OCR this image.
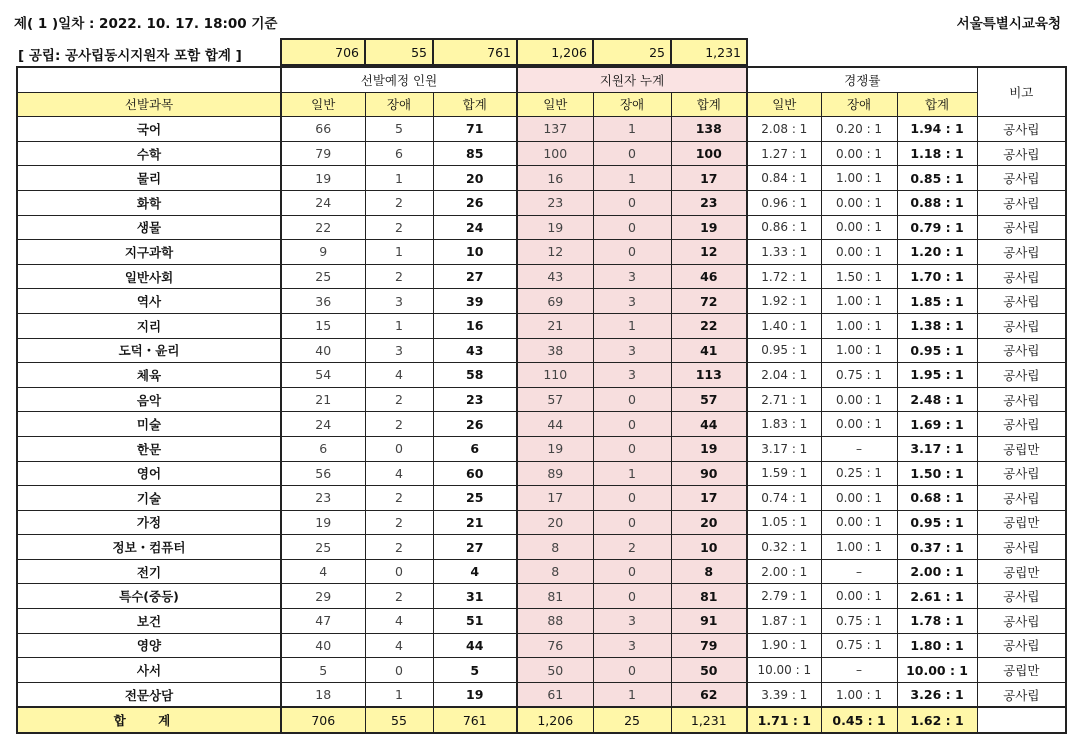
제( 1 )일차 : 2022. 10. 17. 18:00 기준	서울특별시교육청
[ 공립: 공사립동시지원자 포함 합계 ]	706	55	761	1,206	25	1,231
	선발예정 인원			지원자 누계			경쟁률			비고
선발과목	일반	장애	합계	일반	장애	합계	일반	장애	합계	
국어	66	5	71	137	1	138	2.08 : 1	0.20 : 1	1.94 : 1	공사립
수학	79	6	85	100	0	100	1.27 : 1	0.00 : 1	1.18 : 1	공사립
물리	19	1	20	16	1	17	0.84 : 1	1.00 : 1	0.85 : 1	공사립
화학	24	2	26	23	0	23	0.96 : 1	0.00 : 1	0.88 : 1	공사립
생물	22	2	24	19	0	19	0.86 : 1	0.00 : 1	0.79 : 1	공사립
지구과학	9	1	10	12	0	12	1.33 : 1	0.00 : 1	1.20 : 1	공사립
일반사회	25	2	27	43	3	46	1.72 : 1	1.50 : 1	1.70 : 1	공사립
역사	36	3	39	69	3	72	1.92 : 1	1.00 : 1	1.85 : 1	공사립
지리	15	1	16	21	1	22	1.40 : 1	1.00 : 1	1.38 : 1	공사립
도덕・윤리	40	3	43	38	3	41	0.95 : 1	1.00 : 1	0.95 : 1	공사립
체육	54	4	58	110	3	113	2.04 : 1	0.75 : 1	1.95 : 1	공사립
음악	21	2	23	57	0	57	2.71 : 1	0.00 : 1	2.48 : 1	공사립
미술	24	2	26	44	0	44	1.83 : 1	0.00 : 1	1.69 : 1	공사립
한문	6	0	6	19	0	19	3.17 : 1	–	3.17 : 1	공립만
영어	56	4	60	89	1	90	1.59 : 1	0.25 : 1	1.50 : 1	공사립
기술	23	2	25	17	0	17	0.74 : 1	0.00 : 1	0.68 : 1	공사립
가정	19	2	21	20	0	20	1.05 : 1	0.00 : 1	0.95 : 1	공립만
정보・컴퓨터	25	2	27	8	2	10	0.32 : 1	1.00 : 1	0.37 : 1	공사립
전기	4	0	4	8	0	8	2.00 : 1	–	2.00 : 1	공립만
특수(중등)	29	2	31	81	0	81	2.79 : 1	0.00 : 1	2.61 : 1	공사립
보건	47	4	51	88	3	91	1.87 : 1	0.75 : 1	1.78 : 1	공사립
영양	40	4	44	76	3	79	1.90 : 1	0.75 : 1	1.80 : 1	공사립
사서	5	0	5	50	0	50	10.00 : 1	–	10.00 : 1	공립만
전문상담	18	1	19	61	1	62	3.39 : 1	1.00 : 1	3.26 : 1	공사립
합 계	706	55	761	1,206	25	1,231	1.71 : 1	0.45 : 1	1.62 : 1	
